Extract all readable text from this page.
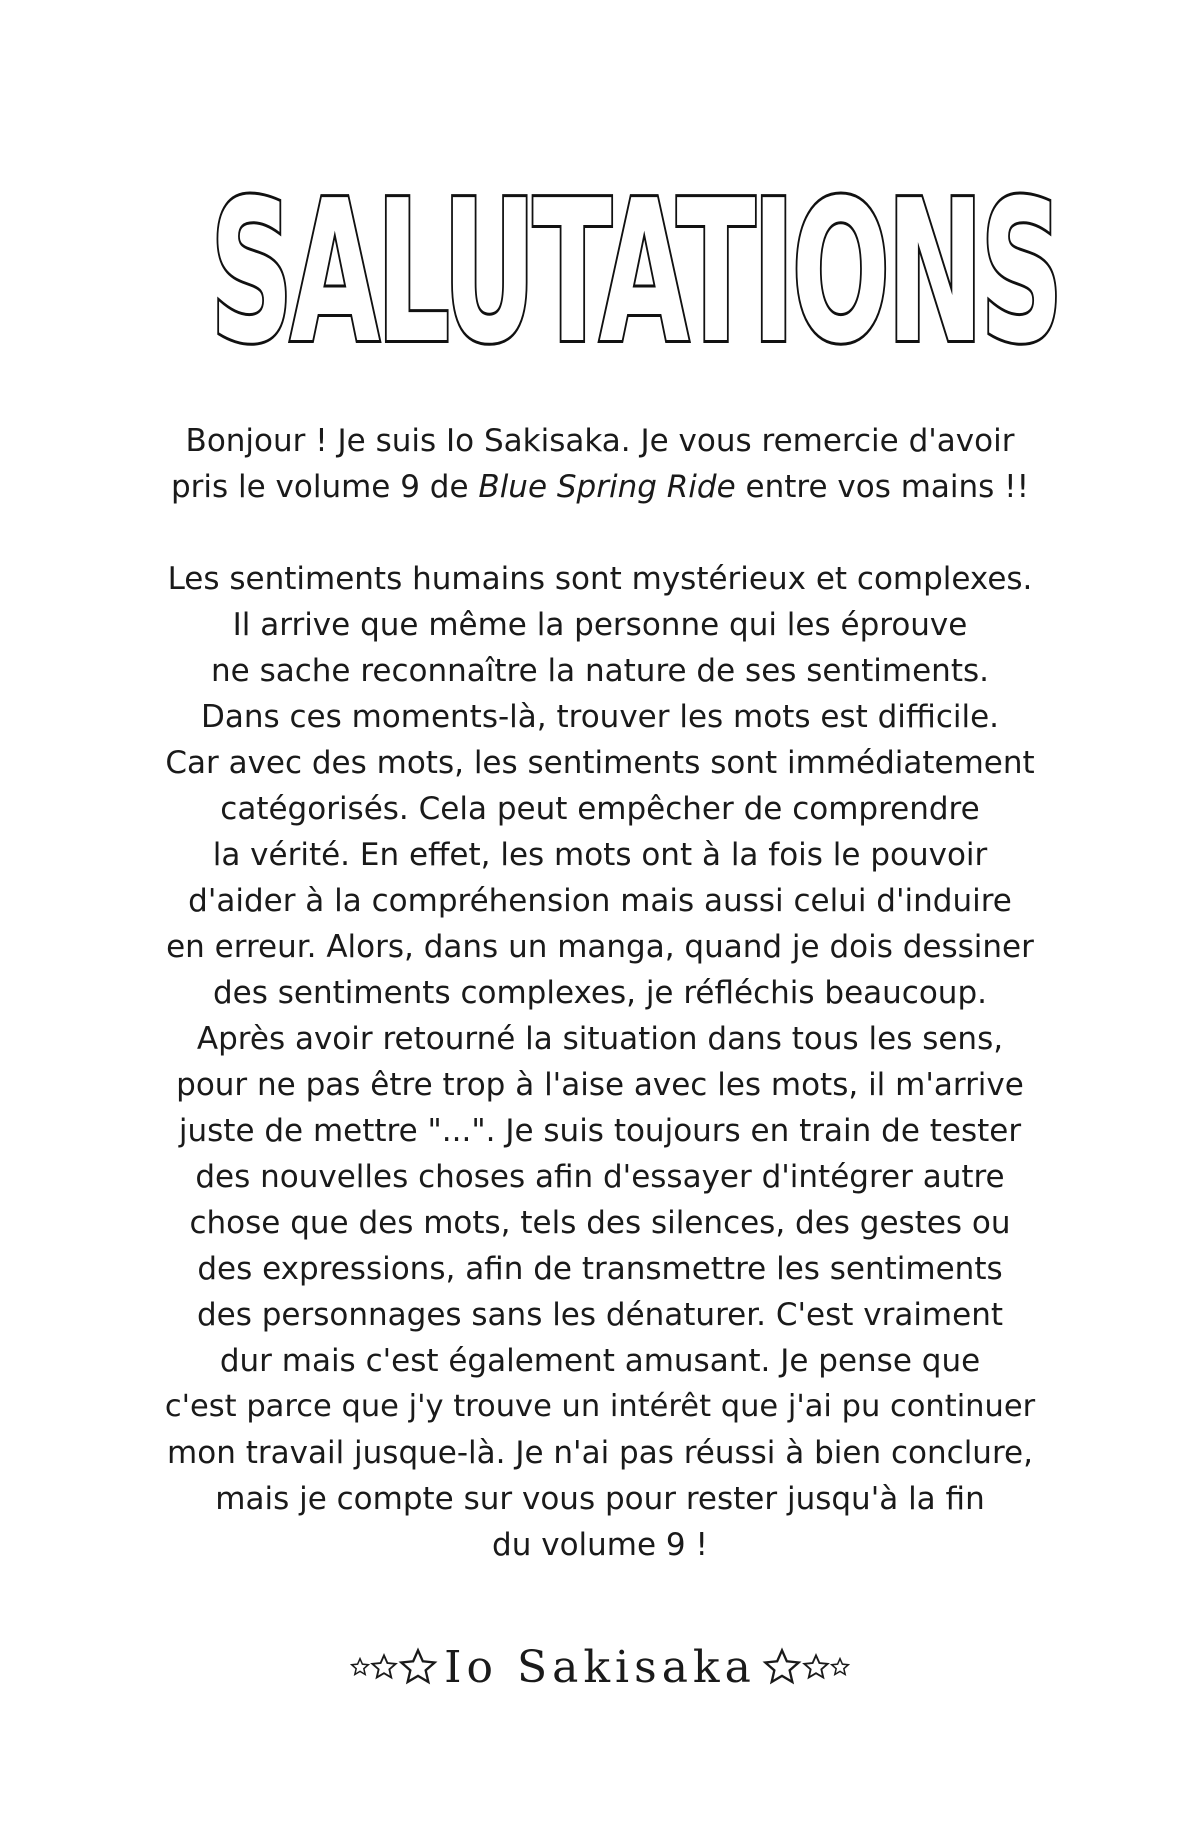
SALUTATIONS

Bonjour ! Je suis Io Sakisaka. Je vous remercie d'avoir
pris le volume 9 de Blue Spring Ride entre vos mains !!

Les sentiments humains sont mystérieux et complexes.
Il arrive que même la personne qui les éprouve
ne sache reconnaître la nature de ses sentiments.
Dans ces moments-là, trouver les mots est difficile.
Car avec des mots, les sentiments sont immédiatement
catégorisés. Cela peut empêcher de comprendre
la vérité. En effet, les mots ont à la fois le pouvoir
d'aider à la compréhension mais aussi celui d'induire
en erreur. Alors, dans un manga, quand je dois dessiner
des sentiments complexes, je réfléchis beaucoup.
Après avoir retourné la situation dans tous les sens,
pour ne pas être trop à l'aise avec les mots, il m'arrive
juste de mettre "...". Je suis toujours en train de tester
des nouvelles choses afin d'essayer d'intégrer autre
chose que des mots, tels des silences, des gestes ou
des expressions, afin de transmettre les sentiments
des personnages sans les dénaturer. C'est vraiment
dur mais c'est également amusant. Je pense que
c'est parce que j'y trouve un intérêt que j'ai pu continuer
mon travail jusque-là. Je n'ai pas réussi à bien conclure,
mais je compte sur vous pour rester jusqu'à la fin
du volume 9 !

Io Sakisaka
